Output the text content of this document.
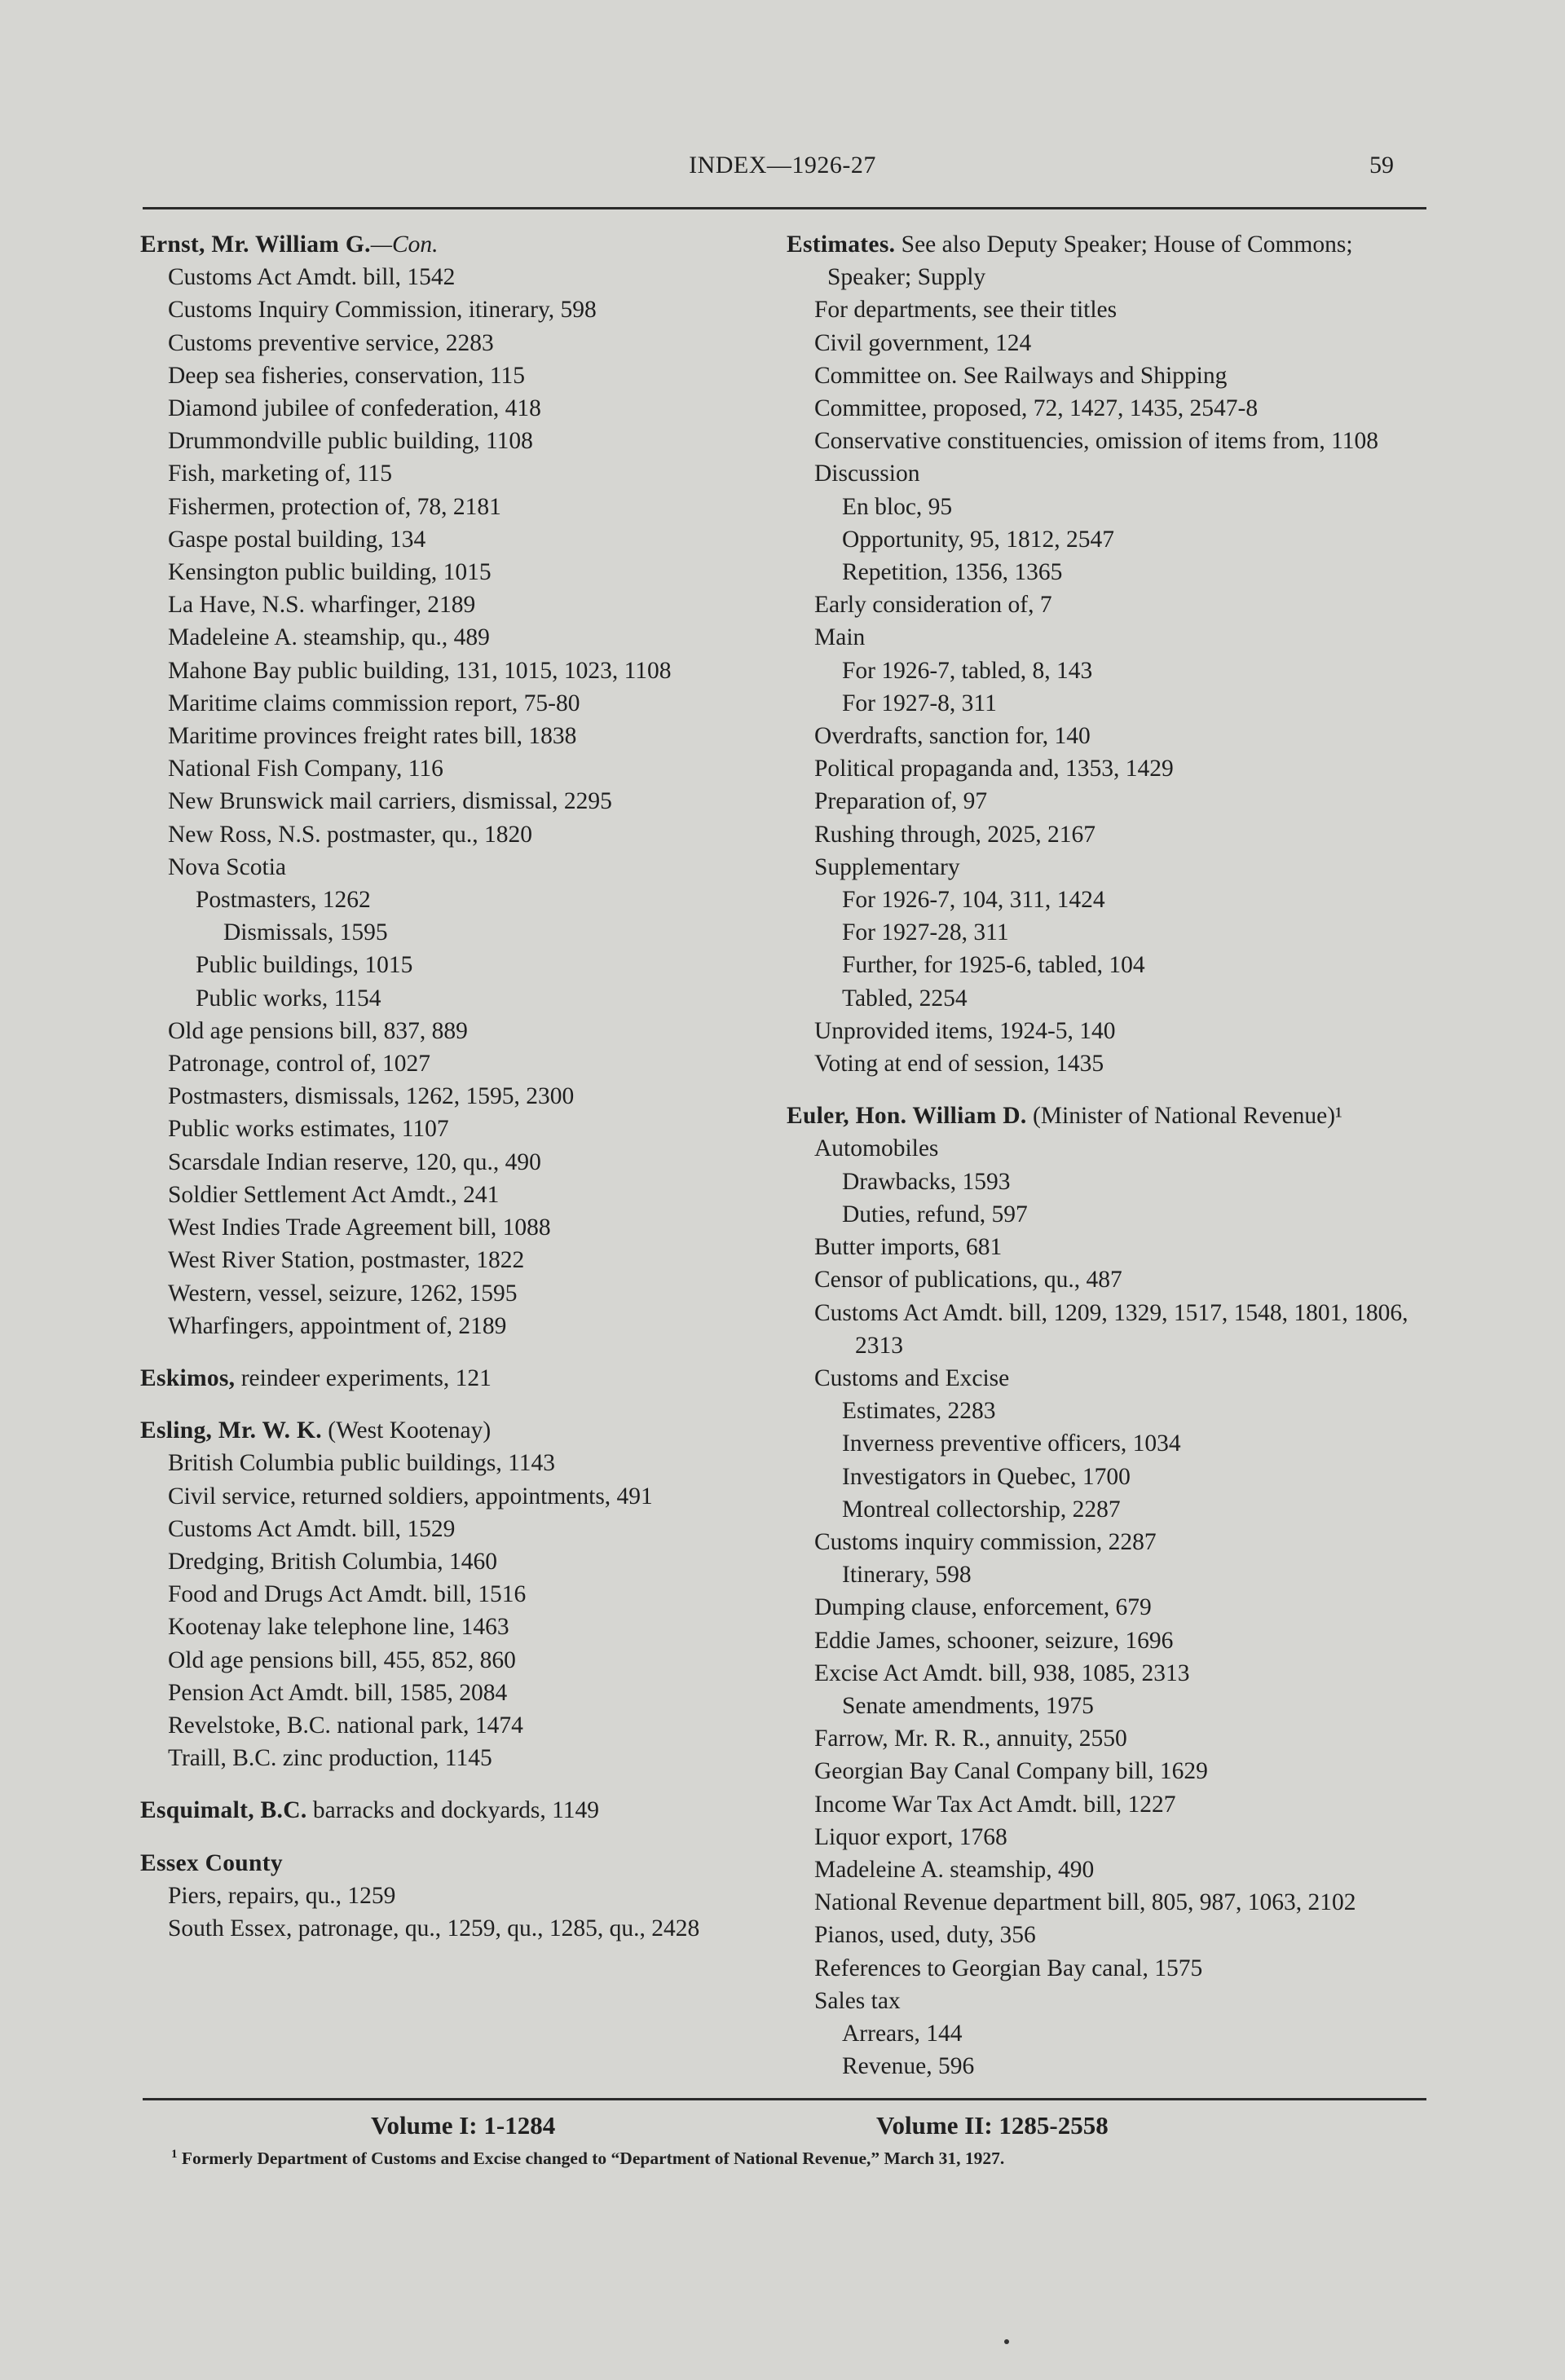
INDEX—1926-27	59
Ernst, Mr. William G.—Con.
Customs Act Amdt. bill, 1542
Customs Inquiry Commission, itinerary, 598
Customs preventive service, 2283
Deep sea fisheries, conservation, 115
Diamond jubilee of confederation, 418
Drummondville public building, 1108
Fish, marketing of, 115
Fishermen, protection of, 78, 2181
Gaspe postal building, 134
Kensington public building, 1015
La Have, N.S. wharfinger, 2189
Madeleine A. steamship, qu., 489
Mahone Bay public building, 131, 1015, 1023, 1108
Maritime claims commission report, 75-80
Maritime provinces freight rates bill, 1838
National Fish Company, 116
New Brunswick mail carriers, dismissal, 2295
New Ross, N.S. postmaster, qu., 1820
Nova Scotia
Postmasters, 1262
Dismissals, 1595
Public buildings, 1015
Public works, 1154
Old age pensions bill, 837, 889
Patronage, control of, 1027
Postmasters, dismissals, 1262, 1595, 2300
Public works estimates, 1107
Scarsdale Indian reserve, 120, qu., 490
Soldier Settlement Act Amdt., 241
West Indies Trade Agreement bill, 1088
West River Station, postmaster, 1822
Western, vessel, seizure, 1262, 1595
Wharfingers, appointment of, 2189
Eskimos, reindeer experiments, 121
Esling, Mr. W. K. (West Kootenay)
British Columbia public buildings, 1143
Civil service, returned soldiers, appointments, 491
Customs Act Amdt. bill, 1529
Dredging, British Columbia, 1460
Food and Drugs Act Amdt. bill, 1516
Kootenay lake telephone line, 1463
Old age pensions bill, 455, 852, 860
Pension Act Amdt. bill, 1585, 2084
Revelstoke, B.C. national park, 1474
Traill, B.C. zinc production, 1145
Esquimalt, B.C. barracks and dockyards, 1149
Essex County
Piers, repairs, qu., 1259
South Essex, patronage, qu., 1259, qu., 1285, qu., 2428
Estimates. See also Deputy Speaker; House of Commons; Speaker; Supply
For departments, see their titles
Civil government, 124
Committee on. See Railways and Shipping
Committee, proposed, 72, 1427, 1435, 2547-8
Conservative constituencies, omission of items from, 1108
Discussion
En bloc, 95
Opportunity, 95, 1812, 2547
Repetition, 1356, 1365
Early consideration of, 7
Main
For 1926-7, tabled, 8, 143
For 1927-8, 311
Overdrafts, sanction for, 140
Political propaganda and, 1353, 1429
Preparation of, 97
Rushing through, 2025, 2167
Supplementary
For 1926-7, 104, 311, 1424
For 1927-28, 311
Further, for 1925-6, tabled, 104
Tabled, 2254
Unprovided items, 1924-5, 140
Voting at end of session, 1435
Euler, Hon. William D. (Minister of National Revenue)¹
Automobiles
Drawbacks, 1593
Duties, refund, 597
Butter imports, 681
Censor of publications, qu., 487
Customs Act Amdt. bill, 1209, 1329, 1517, 1548, 1801, 1806, 2313
Customs and Excise
Estimates, 2283
Inverness preventive officers, 1034
Investigators in Quebec, 1700
Montreal collectorship, 2287
Customs inquiry commission, 2287
Itinerary, 598
Dumping clause, enforcement, 679
Eddie James, schooner, seizure, 1696
Excise Act Amdt. bill, 938, 1085, 2313
Senate amendments, 1975
Farrow, Mr. R. R., annuity, 2550
Georgian Bay Canal Company bill, 1629
Income War Tax Act Amdt. bill, 1227
Liquor export, 1768
Madeleine A. steamship, 490
National Revenue department bill, 805, 987, 1063, 2102
Pianos, used, duty, 356
References to Georgian Bay canal, 1575
Sales tax
Arrears, 144
Revenue, 596
Volume I: 1-1284	Volume II: 1285-2558
$^1$ Formerly Department of Customs and Excise changed to “Department of National Revenue,” March 31, 1927.
